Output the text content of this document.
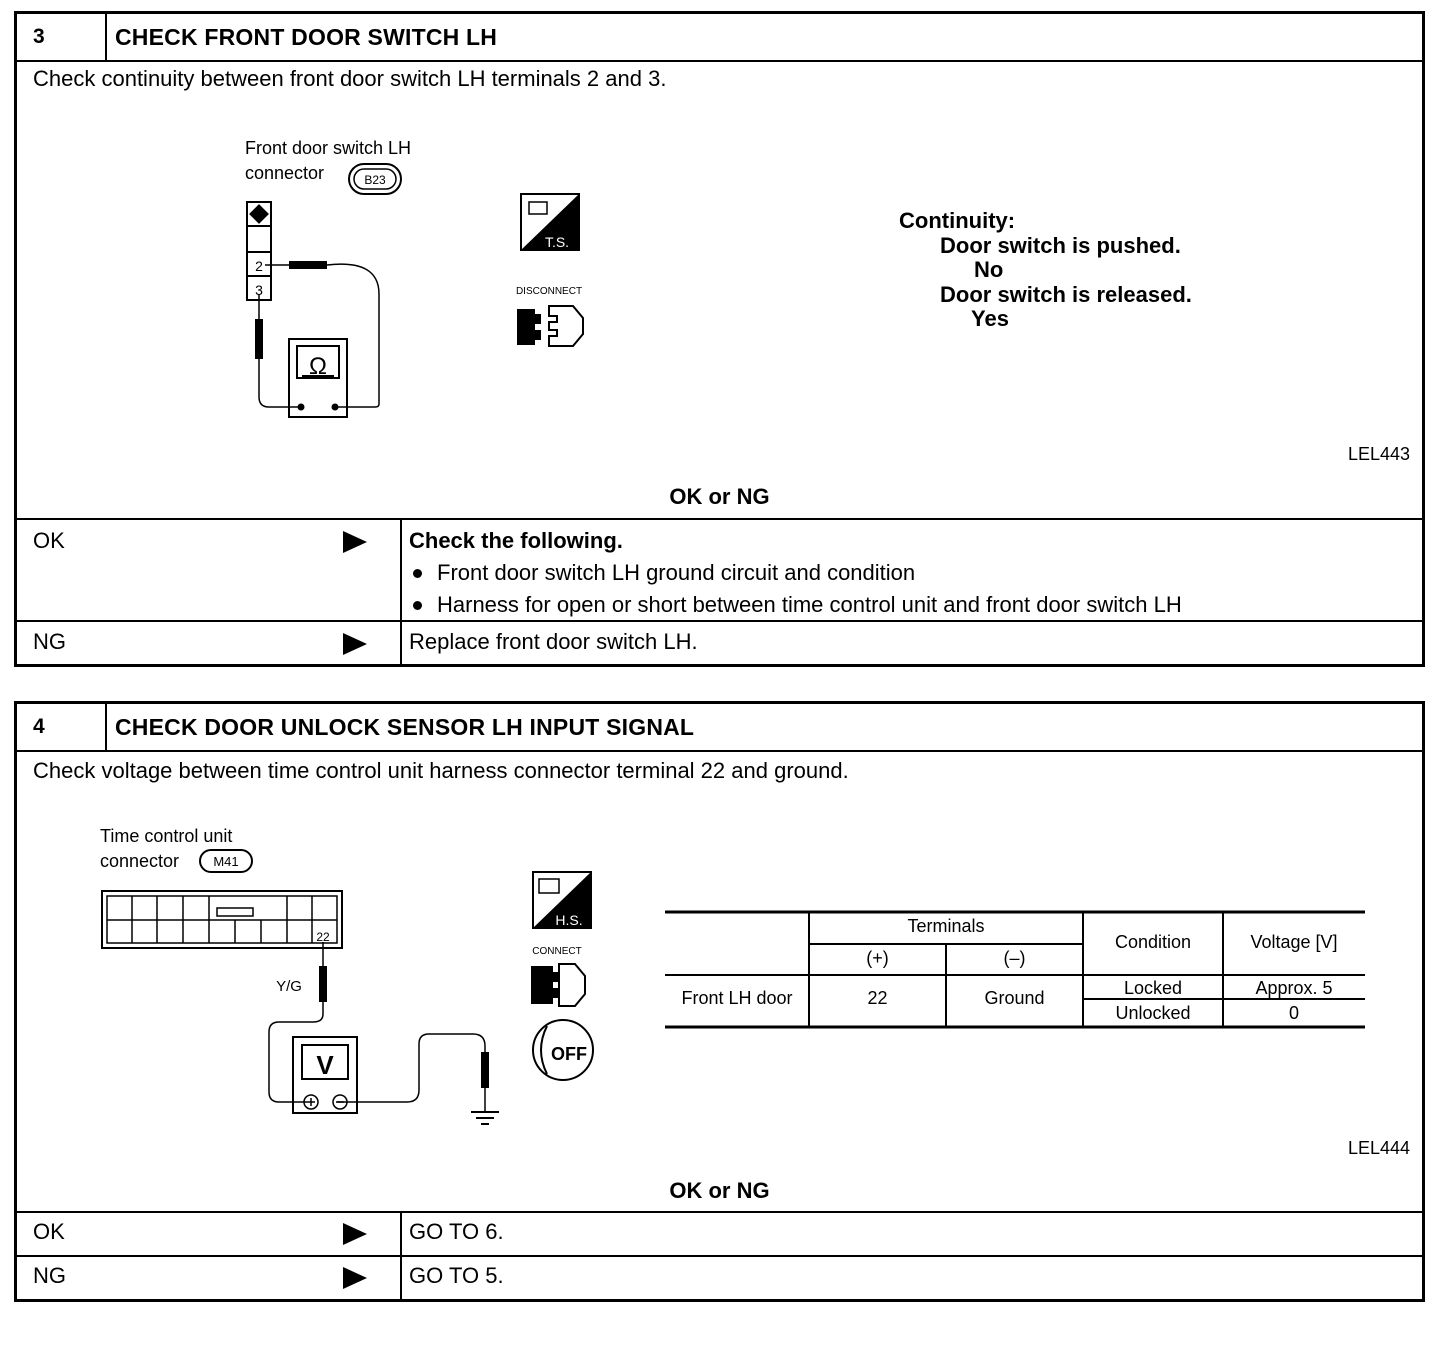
3	CHECK FRONT DOOR SWITCH LH
Check continuity between front door switch LH terminals 2 and 3.
Front door switch LH
connector	B23
2
3
Ω
T.S.
DISCONNECT
Continuity:
Door switch is pushed.
No
Door switch is released.
Yes
LEL443
OK or NG
OK	Check the following.
Front door switch LH ground circuit and condition
Harness for open or short between time control unit and front door switch LH
NG	Replace front door switch LH.
4	CHECK DOOR UNLOCK SENSOR LH INPUT SIGNAL
Check voltage between time control unit harness connector terminal 22 and ground.
Time control unit
connector	M41
22
Y/G
V
H.S.
CONNECT
OFF
Terminals
(+)	(–)
Condition	Voltage [V]
Front LH door	22	Ground	Locked	Approx. 5
Unlocked	0
LEL444
OK or NG
OK	GO TO 6.
NG	GO TO 5.
